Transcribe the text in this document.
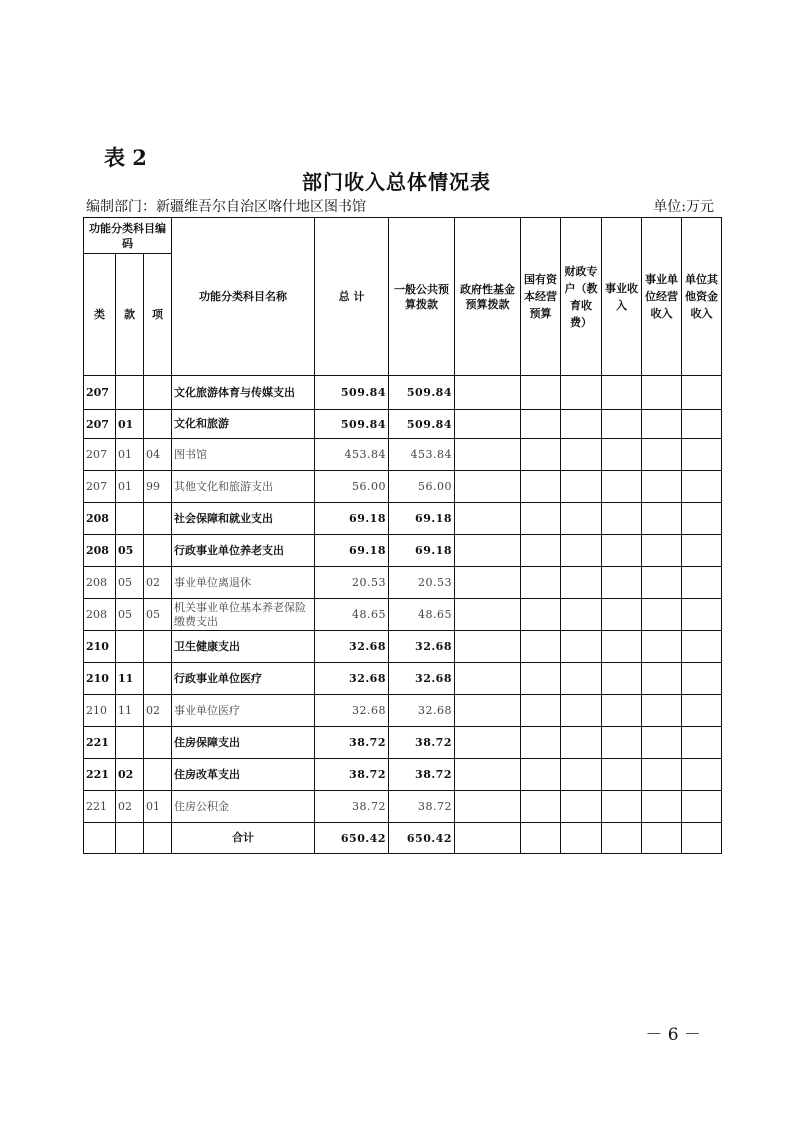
表 2
部门收入总体情况表
编制部门：新疆维吾尔自治区喀什地区图书馆	单位:万元
功能分类科目编码			功能分类科目名称	总 计	一般公共预算拨款	政府性基金预算拨款	国有资本经营预算	财政专户（教育收费）	事业收入	事业单位经营收入	单位其他资金收入
类	款	项									
207			文化旅游体育与传媒支出	509.84	509.84						
207	01		文化和旅游	509.84	509.84						
207	01	04	图书馆	453.84	453.84						
207	01	99	其他文化和旅游支出	56.00	56.00						
208			社会保障和就业支出	69.18	69.18						
208	05		行政事业单位养老支出	69.18	69.18						
208	05	02	事业单位离退休	20.53	20.53						
208	05	05	机关事业单位基本养老保险缴费支出	48.65	48.65						
210			卫生健康支出	32.68	32.68						
210	11		行政事业单位医疗	32.68	32.68						
210	11	02	事业单位医疗	32.68	32.68						
221			住房保障支出	38.72	38.72						
221	02		住房改革支出	38.72	38.72						
221	02	01	住房公积金	38.72	38.72						
			合计	650.42	650.42						
－ 6 －
